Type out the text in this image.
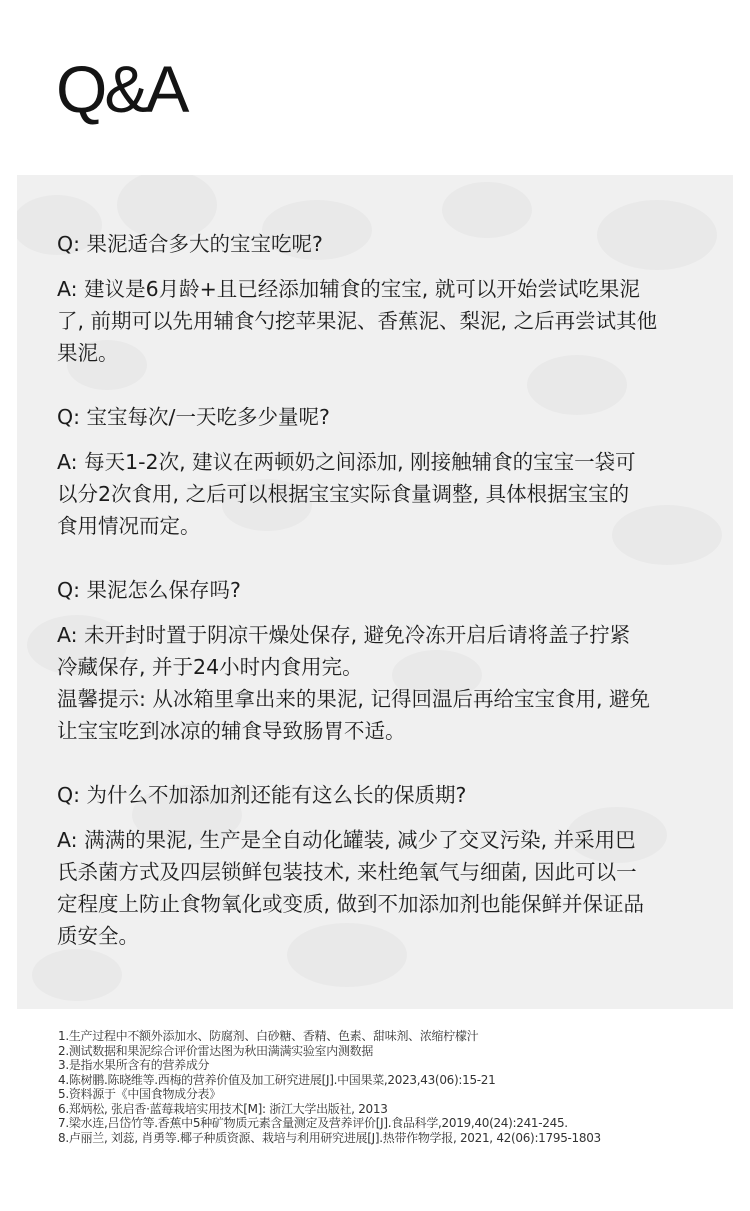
Q&A

Q: 果泥适合多大的宝宝吃呢?

A: 建议是6月龄+且已经添加辅食的宝宝, 就可以开始尝试吃果泥
了, 前期可以先用辅食勺挖苹果泥、香蕉泥、梨泥, 之后再尝试其他
果泥。

Q: 宝宝每次/一天吃多少量呢?

A: 每天1-2次, 建议在两顿奶之间添加, 刚接触辅食的宝宝一袋可
以分2次食用, 之后可以根据宝宝实际食量调整, 具体根据宝宝的
食用情况而定。

Q: 果泥怎么保存吗?

A: 未开封时置于阴凉干燥处保存, 避免冷冻开启后请将盖子拧紧
冷藏保存, 并于24小时内食用完。
温馨提示: 从冰箱里拿出来的果泥, 记得回温后再给宝宝食用, 避免
让宝宝吃到冰凉的辅食导致肠胃不适。

Q: 为什么不加添加剂还能有这么长的保质期?

A: 满满的果泥, 生产是全自动化罐装, 减少了交叉污染, 并采用巴
氏杀菌方式及四层锁鲜包装技术, 来杜绝氧气与细菌, 因此可以一
定程度上防止食物氧化或变质, 做到不加添加剂也能保鲜并保证品
质安全。

1.生产过程中不额外添加水、防腐剂、白砂糖、香精、色素、甜味剂、浓缩柠檬汁
2.测试数据和果泥综合评价雷达图为秋田满满实验室内测数据
3.是指水果所含有的营养成分
4.陈树鹏.陈晓维等.西梅的营养价值及加工研究进展[J].中国果菜,2023,43(06):15-21
5.资料源于《中国食物成分表》
6.郑炳松, 张启香·蓝莓栽培实用技术[M]: 浙江大学出版社, 2013
7.梁水连,吕岱竹等.香蕉中5种矿物质元素含量测定及营养评价[J].食品科学,2019,40(24):241-245.
8.卢丽兰, 刘蕊, 肖勇等.椰子种质资源、栽培与利用研究进展[J].热带作物学报, 2021, 42(06):1795-1803
